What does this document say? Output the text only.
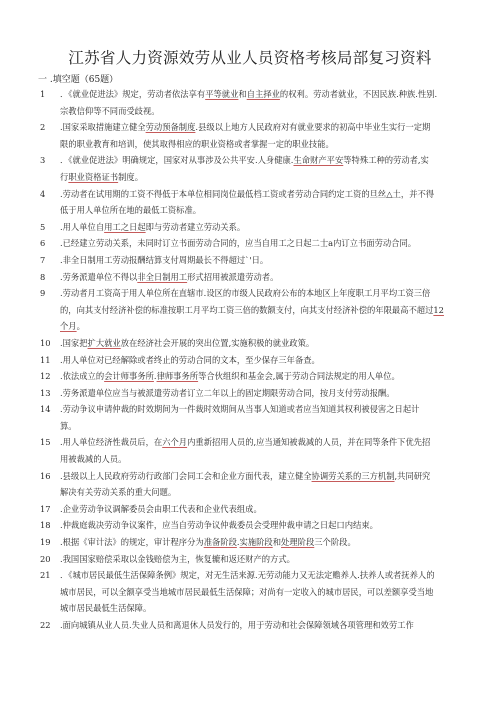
江苏省人力资源效劳从业人员资格考核局部复习资料
一 .填空题（65题）
1	．《就业促进法》规定，劳动者依法享有平等就业和自主择业的权利。劳动者就业，不因民族.种族.性别.
宗教信仰等不同而受歧视。
2	.国家采取措施建立健全劳动预备制度.县级以上地方人民政府对有就业要求的初高中毕业生实行一定期
限的职业教育和培训，使其取得相应的职业资格或者掌握一定的职业技能。
3	．《就业促进法》明确规定，国家对从事涉及公共平安.人身健康.生命财产平安等特殊工种的劳动者,实
行职业资格证书制度。
4	.劳动者在试用期的工资不得低于本单位相同岗位最低档工资或者劳动合同约定工资的旦丝△土，并不得
低于用人单位所在地的最低工资标准。
5	.用人单位自用工之日起即与劳动者建立劳动关系。
6	.已经建立劳动关系，未同时订立书面劳动合同的，应当自用工之日起二士a内订立书面劳动合同。
7	.非全日制用工劳动报酬结算支付周期最长不得超过`'日。
8	.劳务派遣单位不得以非全日制用工形式招用被派遣劳动者。
9	.劳动者月工资高于用人单位所在直辖市.设区的市级人民政府公布的本地区上年度职工月平均工资三倍
的，向其支付经济补偿的标准按职工月平均工资三倍的数额支付，向其支付经济补偿的年限最高不超过12
个月。
10	.国家把扩大就业放在经济社会开展的突出位置,实施积极的就业政策。
11	.用人单位对已经解除或者终止的劳动合同的文本，至少保存三年备查。
12	.依法成立的会计师事务所.律师事务所等合伙组织和基金会,属于劳动合同法规定的用人单位。
13	.劳务派遣单位应当与被派遣劳动者订立二年以上的固定期限劳动合同，按月支付劳动报酬。
14	.劳动争议申请仲裁的时效期间为一件裁时效期间从当事人知道或者应当知道其权利被侵害之日起计
算。
15	.用人单位经济性裁员后，在六个月内重新招用人员的,应当通知被裁减的人员，并在同等条件下优先招
用被裁减的人员。
16	.县级以上人民政府劳动行政部门会同工会和企业方面代表，建立健全协调劳关系的三方机制,共同研究
解决有关劳动关系的重大问题。
17	.企业劳动争议调解委员会由职工代表和企业代表组成。
18	.仲裁庭裁决劳动争议案件，应当自劳动争议仲裁委员会受理仲裁申请之日起口内结束。
19	.根据《审计法》的规定，审计程序分为准备阶段.实施阶段和处理阶段三个阶段。
20	.我国国家赔偿采取以金钱赔偿为主，恢复辘和返还财产的方式。
21	．《城市居民最低生活保障条例》规定，对无生活来源.无劳动能力又无法定赡养人.扶养人或者抚养人的
城市居民，可以全额享受当地城市居民最低生活保障；对尚有一定收入的城市居民，可以差额享受当地
城市居民最低生活保障。
22	.面向城镇从业人员.失业人员和离退休人员发行的，用于劳动和社会保障领域各项管理和效劳工作
